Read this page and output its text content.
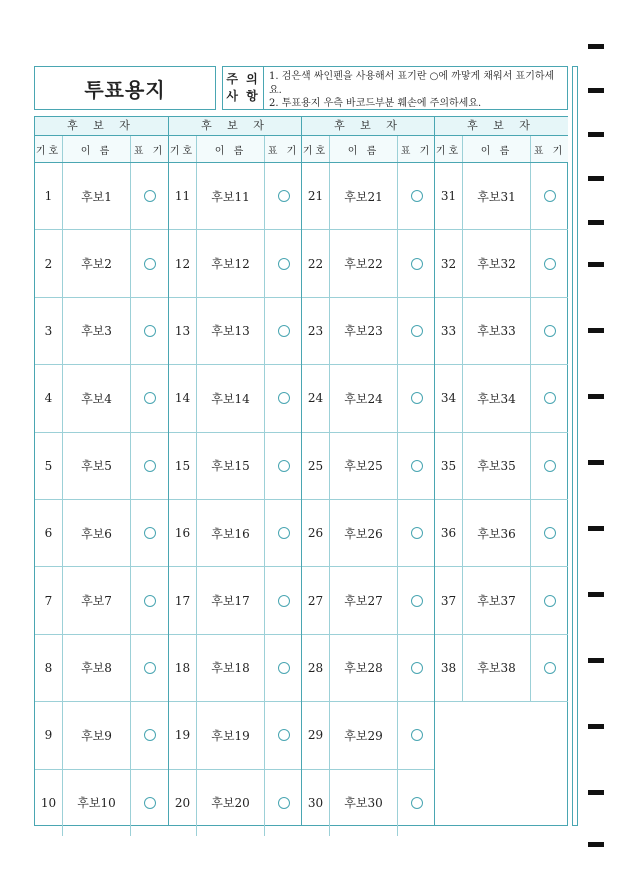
투표용지	주 의
사 항
1. 검은색 싸인펜을 사용해서 표기란 ○에 까맣게 채워서 표기하세요.
2. 투표용지 우측 바코드부분 훼손에 주의하세요.
후 보 자
기호	이 름	표 기
1	후보1
2	후보2
3	후보3
4	후보4
5	후보5
6	후보6
7	후보7
8	후보8
9	후보9
10	후보10
후 보 자
기호	이 름	표 기
11	후보11
12	후보12
13	후보13
14	후보14
15	후보15
16	후보16
17	후보17
18	후보18
19	후보19
20	후보20
후 보 자
기호	이 름	표 기
21	후보21
22	후보22
23	후보23
24	후보24
25	후보25
26	후보26
27	후보27
28	후보28
29	후보29
30	후보30
후 보 자
기호	이 름	표 기
31	후보31
32	후보32
33	후보33
34	후보34
35	후보35
36	후보36
37	후보37
38	후보38
